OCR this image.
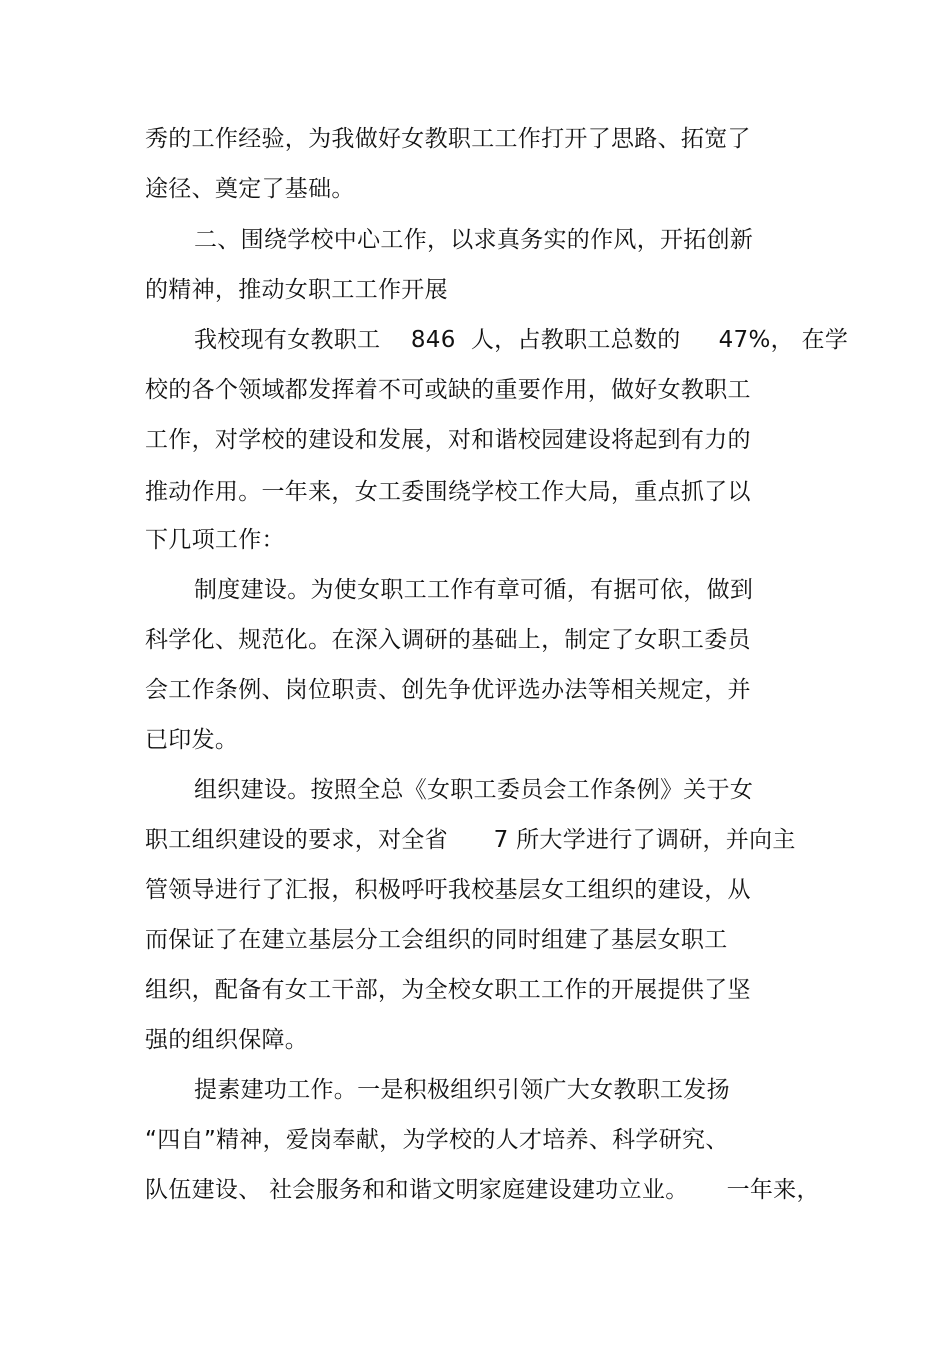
秀的工作经验，为我做好女教职工工作打开了思路、拓宽了
途径、奠定了基础。
二、围绕学校中心工作，以求真务实的作风，开拓创新
的精神，推动女职工工作开展
我校现有女教职工    846  人，占教职工总数的     47%， 在学
校的各个领域都发挥着不可或缺的重要作用，做好女教职工
工作，对学校的建设和发展，对和谐校园建设将起到有力的
推动作用。一年来，女工委围绕学校工作大局，重点抓了以
下几项工作：
制度建设。为使女职工工作有章可循，有据可依，做到
科学化、规范化。在深入调研的基础上，制定了女职工委员
会工作条例、岗位职责、创先争优评选办法等相关规定，并
已印发。
组织建设。按照全总《女职工委员会工作条例》关于女
职工组织建设的要求，对全省      7 所大学进行了调研，并向主
管领导进行了汇报，积极呼吁我校基层女工组织的建设，从
而保证了在建立基层分工会组织的同时组建了基层女职工
组织，配备有女工干部，为全校女职工工作的开展提供了坚
强的组织保障。
提素建功工作。一是积极组织引领广大女教职工发扬
“四自”精神，爱岗奉献，为学校的人才培养、科学研究、
队伍建设、 社会服务和和谐文明家庭建设建功立业。     一年来，
